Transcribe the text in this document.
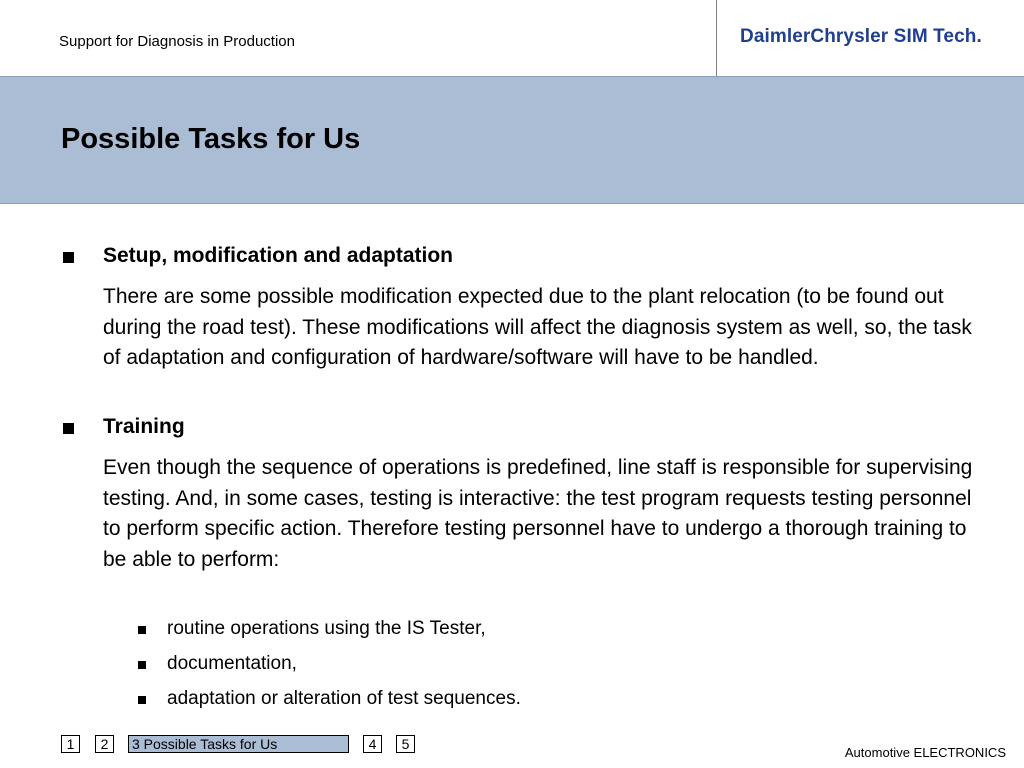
Support for Diagnosis in Production	DaimlerChrysler SIM Tech.
Possible Tasks for Us
Setup, modification and adaptation
There are some possible modification expected due to the plant relocation (to be found out during the road test). These modifications will affect the diagnosis system as well, so, the task of adaptation and configuration of hardware/software will have to be handled.
Training
Even though the sequence of operations is predefined, line staff is responsible for supervising testing. And, in some cases, testing is interactive: the test program requests testing personnel to perform specific action. Therefore testing personnel have to undergo a thorough training to be able to perform:
routine operations using the IS Tester,
documentation,
adaptation or alteration of test sequences.
1	2	3 Possible Tasks for Us	4	5
Automotive ELECTRONICS
